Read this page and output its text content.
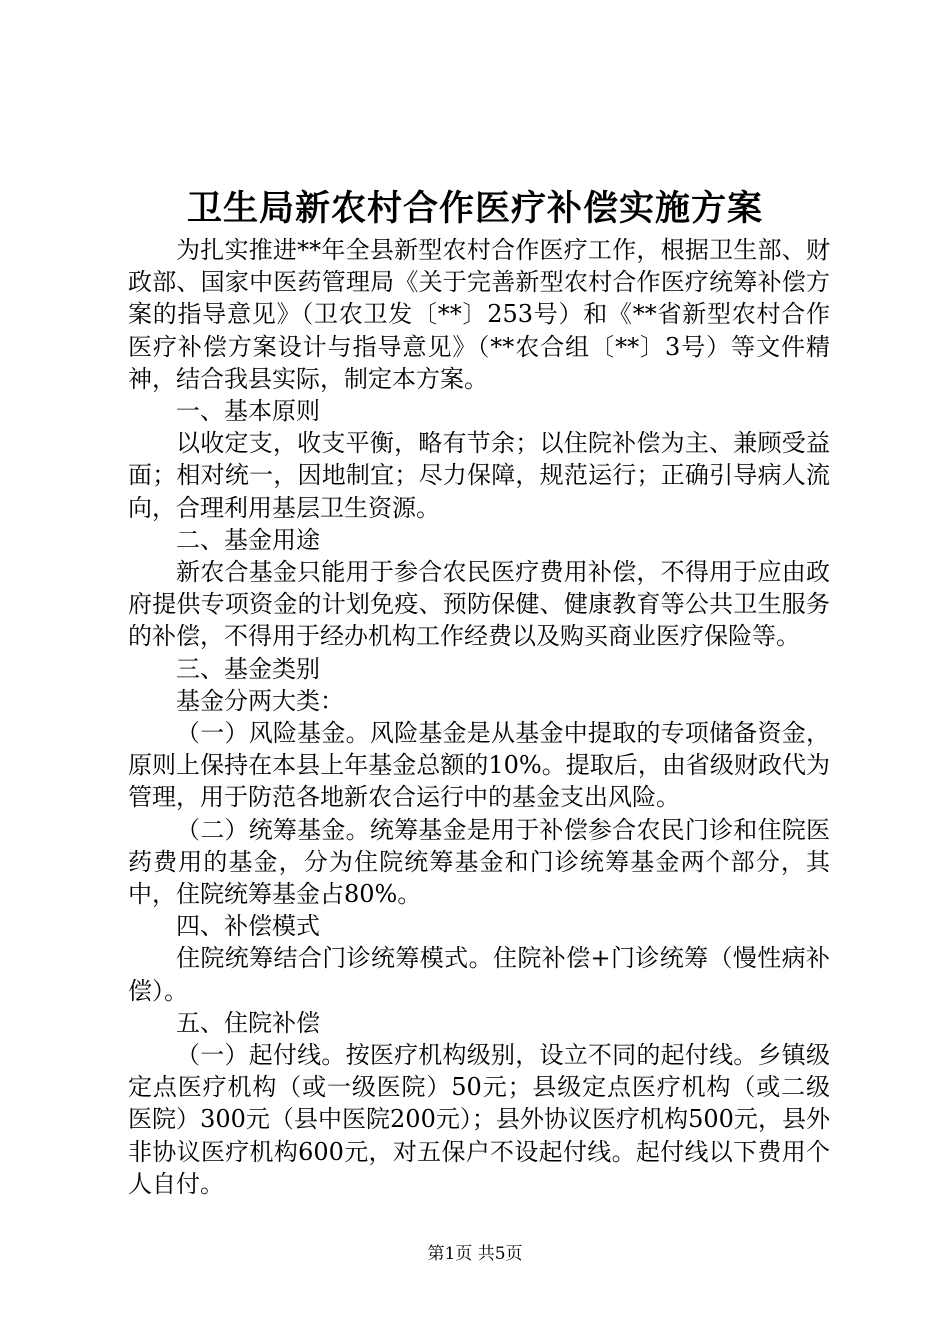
卫生局新农村合作医疗补偿实施方案

为扎实推进**年全县新型农村合作医疗工作，根据卫生部、财政部、国家中医药管理局《关于完善新型农村合作医疗统筹补偿方案的指导意见》（卫农卫发〔**〕253号）和《**省新型农村合作医疗补偿方案设计与指导意见》（**农合组〔**〕3号）等文件精神，结合我县实际，制定本方案。

一、基本原则

以收定支，收支平衡，略有节余；以住院补偿为主、兼顾受益面；相对统一，因地制宜；尽力保障，规范运行；正确引导病人流向，合理利用基层卫生资源。

二、基金用途

新农合基金只能用于参合农民医疗费用补偿，不得用于应由政府提供专项资金的计划免疫、预防保健、健康教育等公共卫生服务的补偿，不得用于经办机构工作经费以及购买商业医疗保险等。

三、基金类别

基金分两大类：

（一）风险基金。风险基金是从基金中提取的专项储备资金，原则上保持在本县上年基金总额的10%。提取后，由省级财政代为管理，用于防范各地新农合运行中的基金支出风险。

（二）统筹基金。统筹基金是用于补偿参合农民门诊和住院医药费用的基金，分为住院统筹基金和门诊统筹基金两个部分，其中，住院统筹基金占80%。

四、补偿模式

住院统筹结合门诊统筹模式。住院补偿+门诊统筹（慢性病补偿）。

五、住院补偿

（一）起付线。按医疗机构级别，设立不同的起付线。乡镇级定点医疗机构（或一级医院）50元；县级定点医疗机构（或二级医院）300元（县中医院200元）；县外协议医疗机构500元，县外非协议医疗机构600元，对五保户不设起付线。起付线以下费用个人自付。

第1页 共5页
